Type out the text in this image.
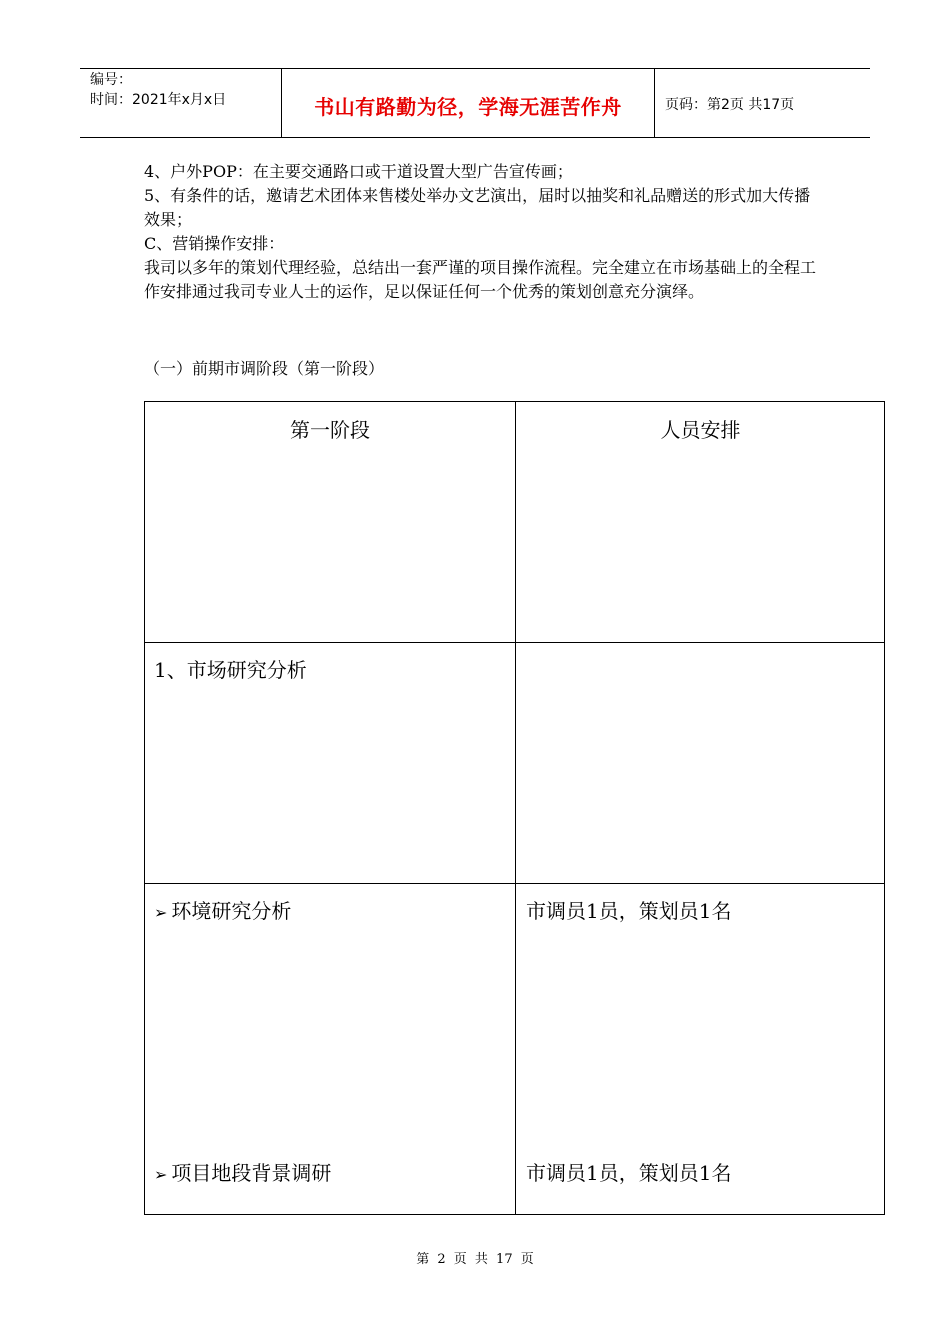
编号：
时间：2021年x月x日	书山有路勤为径，学海无涯苦作舟	页码：第2页 共17页
4、户外POP：在主要交通路口或干道设置大型广告宣传画；
5、有条件的话，邀请艺术团体来售楼处举办文艺演出，届时以抽奖和礼品赠送的形式加大传播效果；
C、营销操作安排：
我司以多年的策划代理经验，总结出一套严谨的项目操作流程。完全建立在市场基础上的全程工作安排通过我司专业人士的运作，足以保证任何一个优秀的策划创意充分演绎。
（一）前期市调阶段（第一阶段）
第一阶段	人员安排
1、市场研究分析
➢ 环境研究分析	市调员1员，策划员1名
➢ 项目地段背景调研	市调员1员，策划员1名
第 2 页 共 17 页
